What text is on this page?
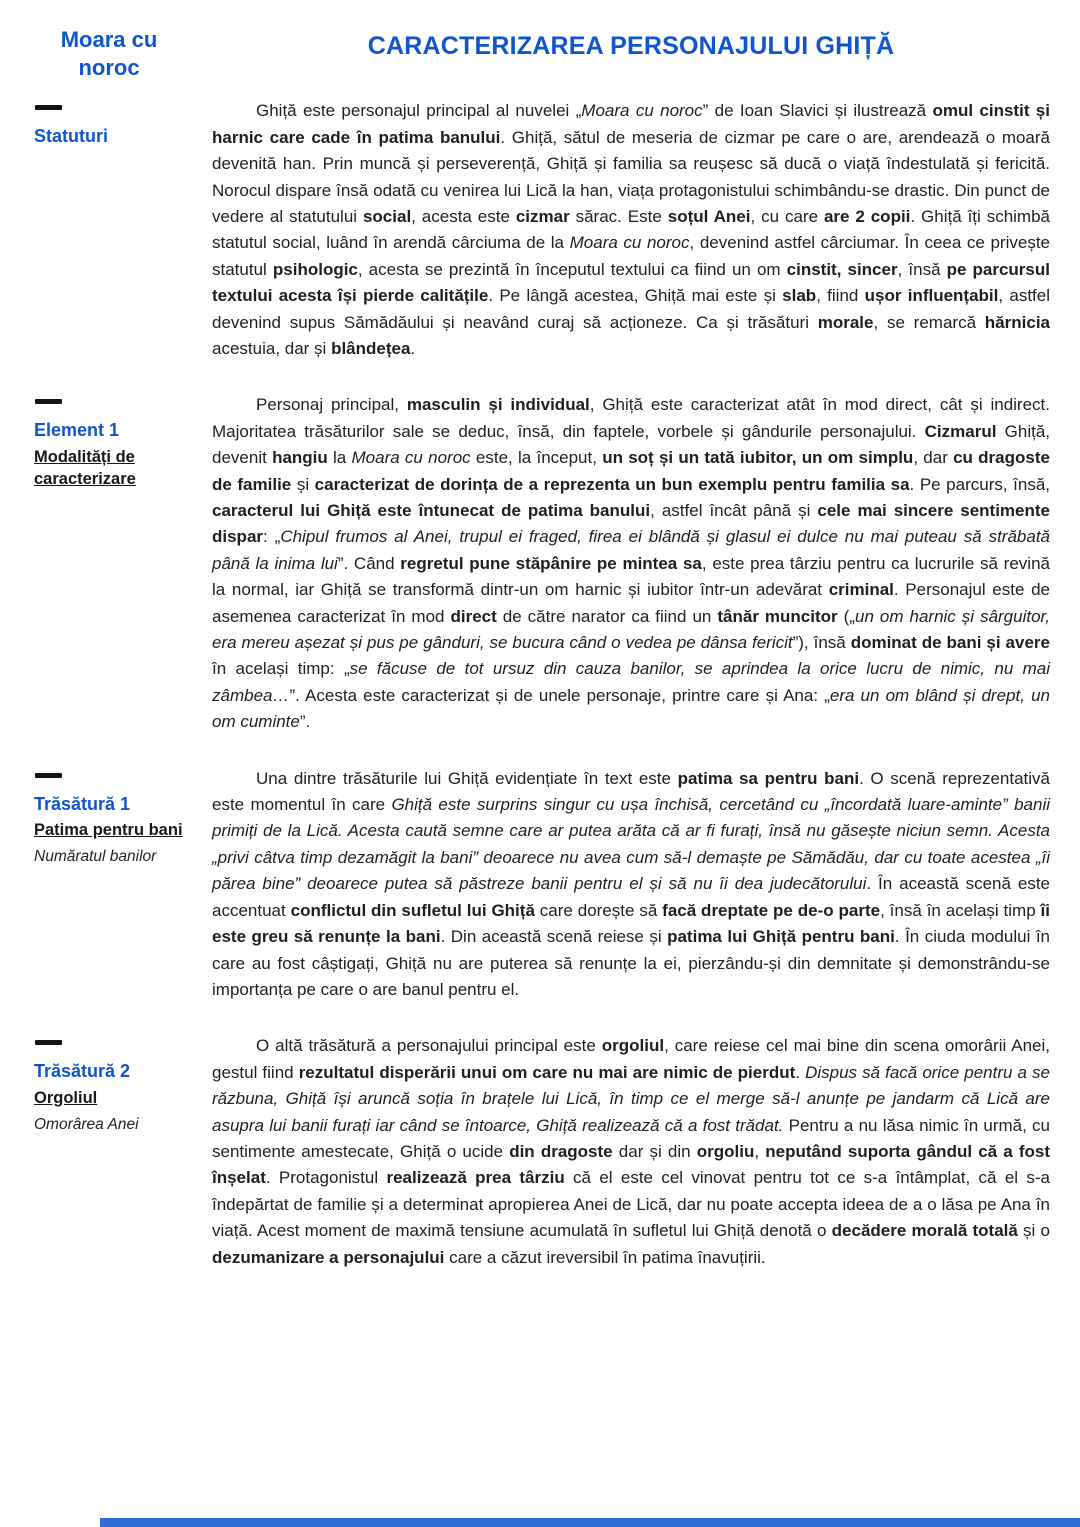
Moara cu noroc
CARACTERIZAREA PERSONAJULUI GHIȚĂ
Statuturi

Ghiță este personajul principal al nuvelei „Moara cu noroc” de Ioan Slavici și ilustrează omul cinstit și harnic care cade în patima banului. Ghiță, sătul de meseria de cizmar pe care o are, arendează o moară devenită han. Prin muncă și perseverență, Ghiță și familia sa reușesc să ducă o viață îndestulată și fericită. Norocul dispare însă odată cu venirea lui Lică la han, viața protagonistului schimbându-se drastic. Din punct de vedere al statutului social, acesta este cizmar sărac. Este soțul Anei, cu care are 2 copii. Ghiță îți schimbă statutul social, luând în arendă cârciuma de la Moara cu noroc, devenind astfel cârciumar. În ceea ce privește statutul psihologic, acesta se prezintă în începutul textului ca fiind un om cinstit, sincer, însă pe parcursul textului acesta își pierde calitățile. Pe lângă acestea, Ghiță mai este și slab, fiind ușor influențabil, astfel devenind supus Sămădăului și neavând curaj să acționeze. Ca și trăsături morale, se remarcă hărnicia acestuia, dar și blândețea.

Element 1
Modalități de caracterizare

Personaj principal, masculin și individual, Ghiță este caracterizat atât în mod direct, cât și indirect. Majoritatea trăsăturilor sale se deduc, însă, din faptele, vorbele și gândurile personajului. Cizmarul Ghiță, devenit hangiu la Moara cu noroc este, la început, un soț și un tată iubitor, un om simplu, dar cu dragoste de familie și caracterizat de dorința de a reprezenta un bun exemplu pentru familia sa. Pe parcurs, însă, caracterul lui Ghiță este întunecat de patima banului, astfel încât până și cele mai sincere sentimente dispar: „Chipul frumos al Anei, trupul ei fraged, firea ei blândă și glasul ei dulce nu mai puteau să străbată până la inima lui”. Când regretul pune stăpânire pe mintea sa, este prea târziu pentru ca lucrurile să revină la normal, iar Ghiță se transformă dintr-un om harnic și iubitor într-un adevărat criminal. Personajul este de asemenea caracterizat în mod direct de către narator ca fiind un tânăr muncitor („un om harnic și sârguitor, era mereu așezat și pus pe gânduri, se bucura când o vedea pe dânsa fericit”), însă dominat de bani și avere în același timp: „se făcuse de tot ursuz din cauza banilor, se aprindea la orice lucru de nimic, nu mai zâmbea…”. Acesta este caracterizat și de unele personaje, printre care și Ana: „era un om blând și drept, un om cuminte”.

Trăsătură 1
Patima pentru bani
Număratul banilor

Una dintre trăsăturile lui Ghiță evidențiate în text este patima sa pentru bani. O scenă reprezentativă este momentul în care Ghiță este surprins singur cu ușa închisă, cercetând cu „încordată luare-aminte” banii primiți de la Lică. Acesta caută semne care ar putea arăta că ar fi furați, însă nu găsește niciun semn. Acesta „privi câtva timp dezamăgit la bani” deoarece nu avea cum să-l demaște pe Sămădău, dar cu toate acestea „îi părea bine” deoarece putea să păstreze banii pentru el și să nu îi dea judecătorului. În această scenă este accentuat conflictul din sufletul lui Ghiță care dorește să facă dreptate pe de-o parte, însă în același timp îi este greu să renunțe la bani. Din această scenă reiese și patima lui Ghiță pentru bani. În ciuda modului în care au fost câștigați, Ghiță nu are puterea să renunțe la ei, pierzându-și din demnitate și demonstrându-se importanța pe care o are banul pentru el.

Trăsătură 2
Orgoliul
Omorârea Anei

O altă trăsătură a personajului principal este orgoliul, care reiese cel mai bine din scena omorârii Anei, gestul fiind rezultatul disperării unui om care nu mai are nimic de pierdut. Dispus să facă orice pentru a se răzbuna, Ghiță își aruncă soția în brațele lui Lică, în timp ce el merge să-l anunțe pe jandarm că Lică are asupra lui banii furați iar când se întoarce, Ghiță realizează că a fost trădat. Pentru a nu lăsa nimic în urmă, cu sentimente amestecate, Ghiță o ucide din dragoste dar și din orgoliu, neputând suporta gândul că a fost înșelat. Protagonistul realizează prea târziu că el este cel vinovat pentru tot ce s-a întâmplat, că el s-a îndepărtat de familie și a determinat apropierea Anei de Lică, dar nu poate accepta ideea de a o lăsa pe Ana în viață. Acest moment de maximă tensiune acumulată în sufletul lui Ghiță denotă o decădere morală totală și o dezumanizare a personajului care a căzut ireversibil în patima înavuțirii.
